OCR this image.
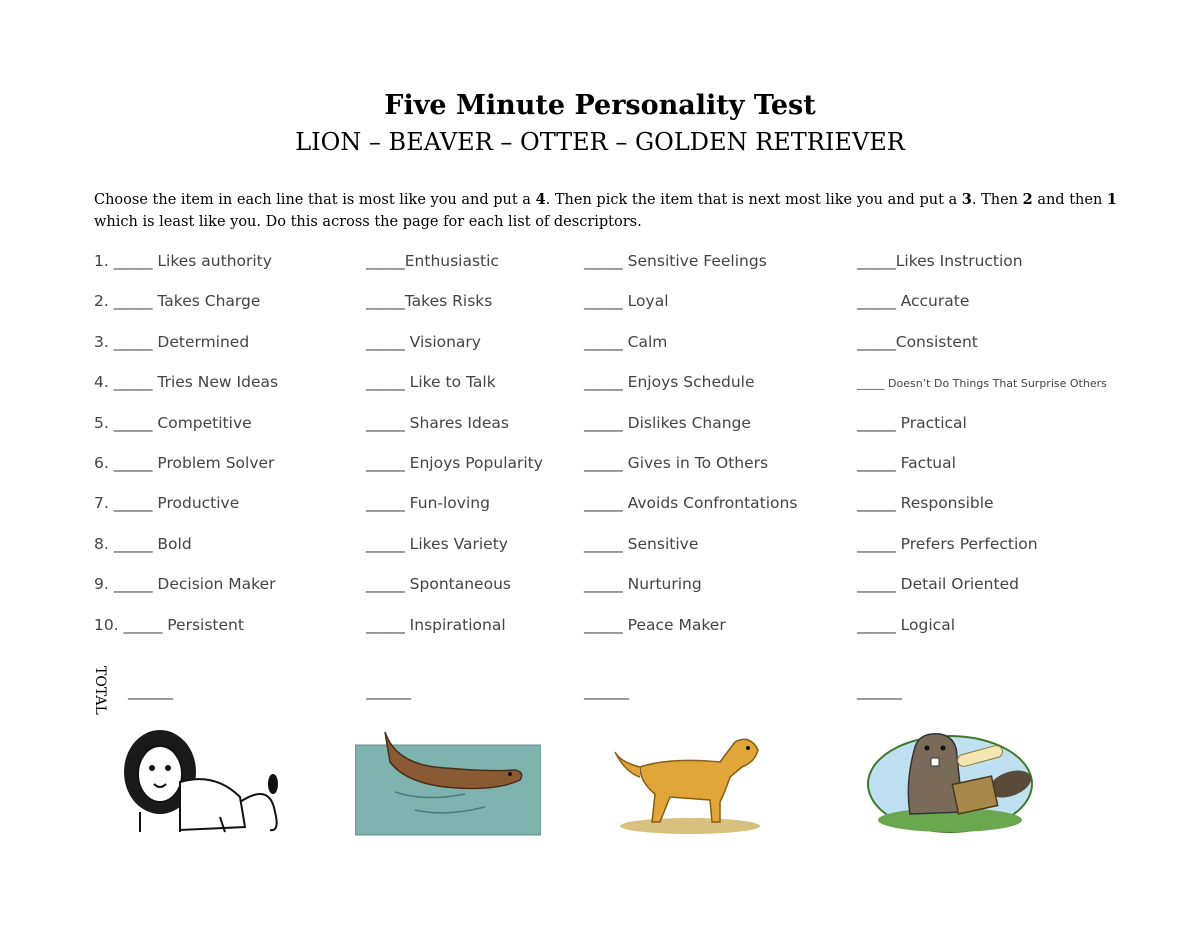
Five Minute Personality Test
LION – BEAVER – OTTER – GOLDEN RETRIEVER
Choose the item in each line that is most like you and put a 4. Then pick the item that is next most like you and put a 3. Then 2 and then 1 which is least like you. Do this across the page for each list of descriptors.
1. _____ Likes authority	_____Enthusiastic	_____ Sensitive Feelings	_____Likes Instruction
2. _____ Takes Charge	_____Takes Risks	_____ Loyal	_____ Accurate
3. _____ Determined	_____ Visionary	_____ Calm	_____Consistent
4. _____ Tries New Ideas	_____ Like to Talk	_____ Enjoys Schedule	_____ Doesn’t Do Things That Surprise Others
5. _____ Competitive	_____ Shares Ideas	_____ Dislikes Change	_____ Practical
6. _____ Problem Solver	_____ Enjoys Popularity	_____ Gives in To Others	_____ Factual
7. _____ Productive	_____ Fun-loving	_____ Avoids Confrontations	_____ Responsible
8. _____ Bold	_____ Likes Variety	_____ Sensitive	_____ Prefers Perfection
9. _____ Decision Maker	_____ Spontaneous	_____ Nurturing	_____ Detail Oriented
10. _____ Persistent	_____ Inspirational	_____ Peace Maker	_____ Logical
TOTAL ______	______	______	______
